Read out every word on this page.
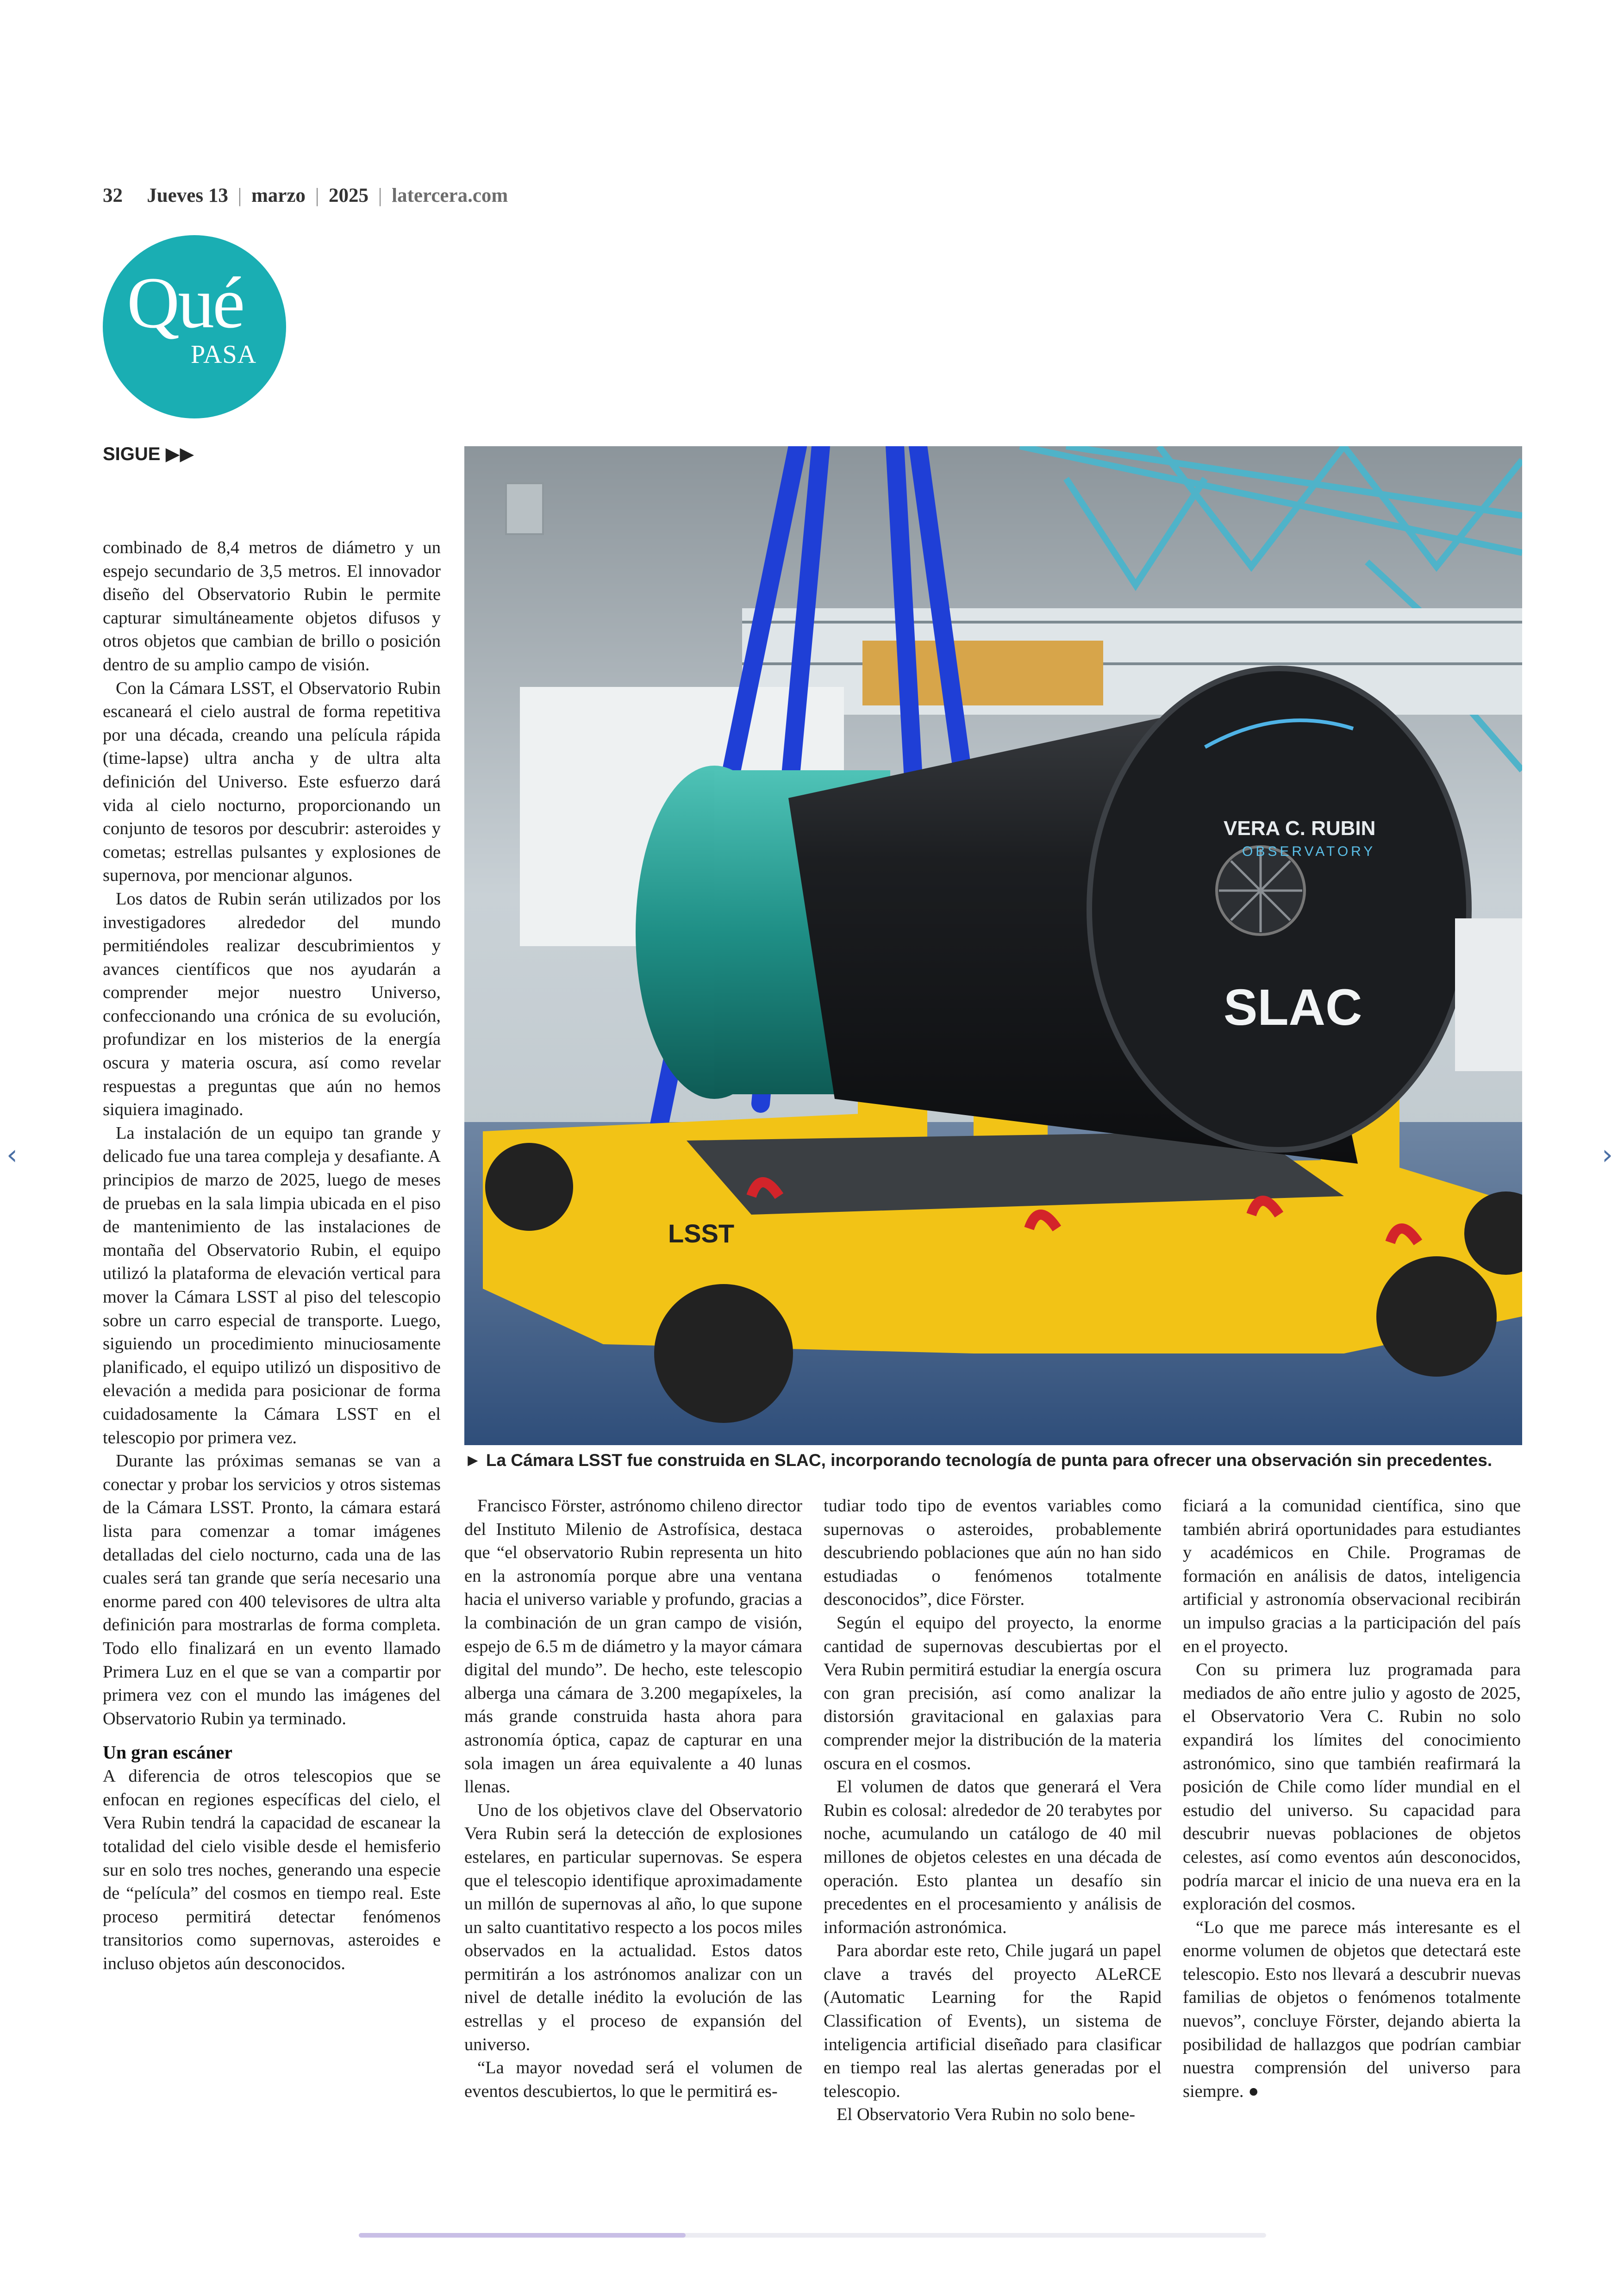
32 Jueves 13 | marzo | 2025 | latercera.com
Qué
PASA
SIGUE ▶▶
VERA C. RUBIN
OBSERVATORY
SLAC
LSST
► La Cámara LSST fue construida en SLAC, incorporando tecnología de punta para ofrecer una observación sin precedentes.

combinado de 8,4 metros de diámetro y un espejo secundario de 3,5 metros. El innovador diseño del Observatorio Rubin le permite capturar simultáneamente objetos difusos y otros objetos que cambian de brillo o posición dentro de su amplio campo de visión.

Con la Cámara LSST, el Observatorio Rubin escaneará el cielo austral de forma repetitiva por una década, creando una película rápida (time-lapse) ultra ancha y de ultra alta definición del Universo. Este esfuerzo dará vida al cielo nocturno, proporcionando un conjunto de tesoros por descubrir: asteroides y cometas; estrellas pulsantes y explosiones de supernova, por mencionar algunos.

Los datos de Rubin serán utilizados por los investigadores alrededor del mundo permitiéndoles realizar descubrimientos y avances científicos que nos ayudarán a comprender mejor nuestro Universo, confeccionando una crónica de su evolución, profundizar en los misterios de la energía oscura y materia oscura, así como revelar respuestas a preguntas que aún no hemos siquiera imaginado.

La instalación de un equipo tan grande y delicado fue una tarea compleja y desafiante. A principios de marzo de 2025, luego de meses de pruebas en la sala limpia ubicada en el piso de mantenimiento de las instalaciones de montaña del Observatorio Rubin, el equipo utilizó la plataforma de elevación vertical para mover la Cámara LSST al piso del telescopio sobre un carro especial de transporte. Luego, siguiendo un procedimiento minuciosamente planificado, el equipo utilizó un dispositivo de elevación a medida para posicionar de forma cuidadosamente la Cámara LSST en el telescopio por primera vez.

Durante las próximas semanas se van a conectar y probar los servicios y otros sistemas de la Cámara LSST. Pronto, la cámara estará lista para comenzar a tomar imágenes detalladas del cielo nocturno, cada una de las cuales será tan grande que sería necesario una enorme pared con 400 televisores de ultra alta definición para mostrarlas de forma completa. Todo ello finalizará en un evento llamado Primera Luz en el que se van a compartir por primera vez con el mundo las imágenes del Observatorio Rubin ya terminado.

Un gran escáner

A diferencia de otros telescopios que se enfocan en regiones específicas del cielo, el Vera Rubin tendrá la capacidad de escanear la totalidad del cielo visible desde el hemisferio sur en solo tres noches, generando una especie de “película” del cosmos en tiempo real. Este proceso permitirá detectar fenómenos transitorios como supernovas, asteroides e incluso objetos aún desconocidos.

Francisco Förster, astrónomo chileno director del Instituto Milenio de Astrofísica, destaca que “el observatorio Rubin representa un hito en la astronomía porque abre una ventana hacia el universo variable y profundo, gracias a la combinación de un gran campo de visión, espejo de 6.5 m de diámetro y la mayor cámara digital del mundo”. De hecho, este telescopio alberga una cámara de 3.200 megapíxeles, la más grande construida hasta ahora para astronomía óptica, capaz de capturar en una sola imagen un área equivalente a 40 lunas llenas.

Uno de los objetivos clave del Observatorio Vera Rubin será la detección de explosiones estelares, en particular supernovas. Se espera que el telescopio identifique aproximadamente un millón de supernovas al año, lo que supone un salto cuantitativo respecto a los pocos miles observados en la actualidad. Estos datos permitirán a los astrónomos analizar con un nivel de detalle inédito la evolución de las estrellas y el proceso de expansión del universo.

“La mayor novedad será el volumen de eventos descubiertos, lo que le permitirá es-

tudiar todo tipo de eventos variables como supernovas o asteroides, probablemente descubriendo poblaciones que aún no han sido estudiadas o fenómenos totalmente desconocidos”, dice Förster.

Según el equipo del proyecto, la enorme cantidad de supernovas descubiertas por el Vera Rubin permitirá estudiar la energía oscura con gran precisión, así como analizar la distorsión gravitacional en galaxias para comprender mejor la distribución de la materia oscura en el cosmos.

El volumen de datos que generará el Vera Rubin es colosal: alrededor de 20 terabytes por noche, acumulando un catálogo de 40 mil millones de objetos celestes en una década de operación. Esto plantea un desafío sin precedentes en el procesamiento y análisis de información astronómica.

Para abordar este reto, Chile jugará un papel clave a través del proyecto ALeRCE (Automatic Learning for the Rapid Classification of Events), un sistema de inteligencia artificial diseñado para clasificar en tiempo real las alertas generadas por el telescopio.

El Observatorio Vera Rubin no solo bene-

ficiará a la comunidad científica, sino que también abrirá oportunidades para estudiantes y académicos en Chile. Programas de formación en análisis de datos, inteligencia artificial y astronomía observacional recibirán un impulso gracias a la participación del país en el proyecto.

Con su primera luz programada para mediados de año entre julio y agosto de 2025, el Observatorio Vera C. Rubin no solo expandirá los límites del conocimiento astronómico, sino que también reafirmará la posición de Chile como líder mundial en el estudio del universo. Su capacidad para descubrir nuevas poblaciones de objetos celestes, así como eventos aún desconocidos, podría marcar el inicio de una nueva era en la exploración del cosmos.

“Lo que me parece más interesante es el enorme volumen de objetos que detectará este telescopio. Esto nos llevará a descubrir nuevas familias de objetos o fenómenos totalmente nuevos”, concluye Förster, dejando abierta la posibilidad de hallazgos que podrían cambiar nuestra comprensión del universo para siempre. ●

‹	›
